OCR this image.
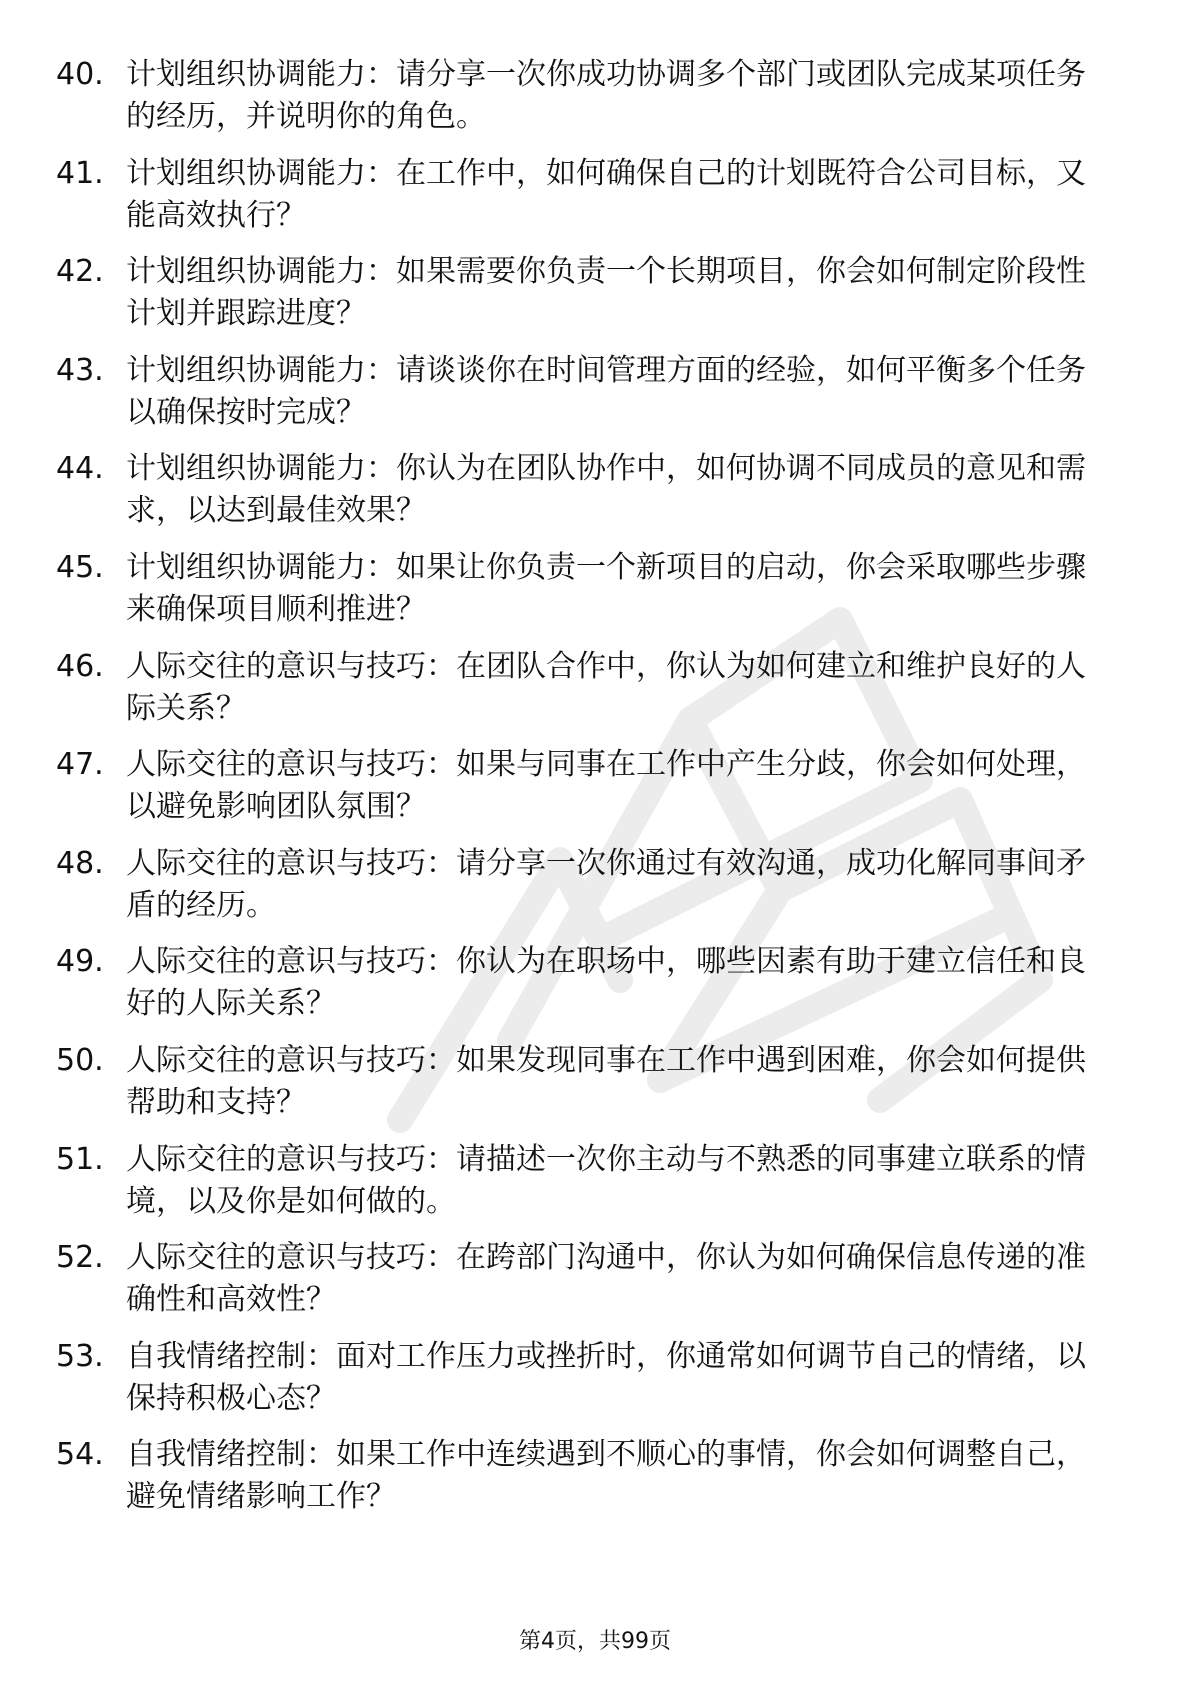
40. 计划组织协调能力：请分享一次你成功协调多个部门或团队完成某项任务的经历，并说明你的角色。
41. 计划组织协调能力：在工作中，如何确保自己的计划既符合公司目标，又能高效执行？
42. 计划组织协调能力：如果需要你负责一个长期项目，你会如何制定阶段性计划并跟踪进度？
43. 计划组织协调能力：请谈谈你在时间管理方面的经验，如何平衡多个任务以确保按时完成？
44. 计划组织协调能力：你认为在团队协作中，如何协调不同成员的意见和需求，以达到最佳效果？
45. 计划组织协调能力：如果让你负责一个新项目的启动，你会采取哪些步骤来确保项目顺利推进？
46. 人际交往的意识与技巧：在团队合作中，你认为如何建立和维护良好的人际关系？
47. 人际交往的意识与技巧：如果与同事在工作中产生分歧，你会如何处理，以避免影响团队氛围？
48. 人际交往的意识与技巧：请分享一次你通过有效沟通，成功化解同事间矛盾的经历。
49. 人际交往的意识与技巧：你认为在职场中，哪些因素有助于建立信任和良好的人际关系？
50. 人际交往的意识与技巧：如果发现同事在工作中遇到困难，你会如何提供帮助和支持？
51. 人际交往的意识与技巧：请描述一次你主动与不熟悉的同事建立联系的情境，以及你是如何做的。
52. 人际交往的意识与技巧：在跨部门沟通中，你认为如何确保信息传递的准确性和高效性？
53. 自我情绪控制：面对工作压力或挫折时，你通常如何调节自己的情绪，以保持积极心态？
54. 自我情绪控制：如果工作中连续遇到不顺心的事情，你会如何调整自己，避免情绪影响工作？
第4页，共99页
